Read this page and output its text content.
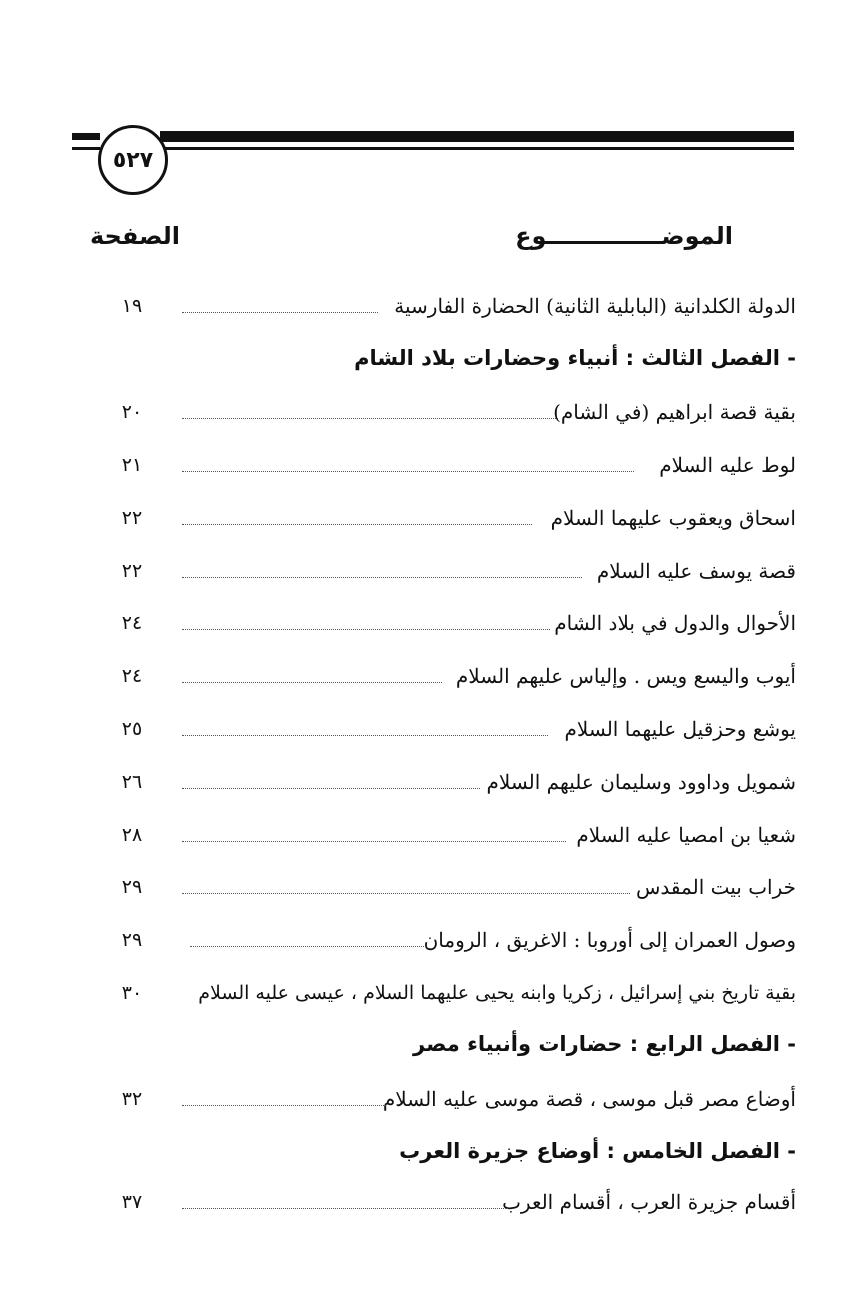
٥٢٧
الموضــــــــــــــوع
الصفحة
الدولة الكلدانية (البابلية الثانية) الحضارة الفارسية
١٩
- الفصل الثالث : أنبياء وحضارات بلاد الشام
بقية قصة ابراهيم (في الشام)
٢٠
لوط عليه السلام
٢١
اسحاق ويعقوب عليهما السلام
٢٢
قصة يوسف عليه السلام
٢٢
الأحوال والدول في بلاد الشام
٢٤
أيوب واليسع ويس . وإلياس عليهم السلام
٢٤
يوشع وحزقيل عليهما السلام
٢٥
شمويل وداوود وسليمان عليهم السلام
٢٦
شعيا بن امصيا عليه السلام
٢٨
خراب بيت المقدس
٢٩
وصول العمران إلى أوروبا : الاغريق ، الرومان
٢٩
بقية تاريخ بني إسرائيل ، زكريا وابنه يحيى عليهما السلام ، عيسى عليه السلام
٣٠
- الفصل الرابع : حضارات وأنبياء مصر
أوضاع مصر قبل موسى ، قصة موسى عليه السلام
٣٢
- الفصل الخامس : أوضاع جزيرة العرب
أقسام جزيرة العرب ، أقسام العرب
٣٧
